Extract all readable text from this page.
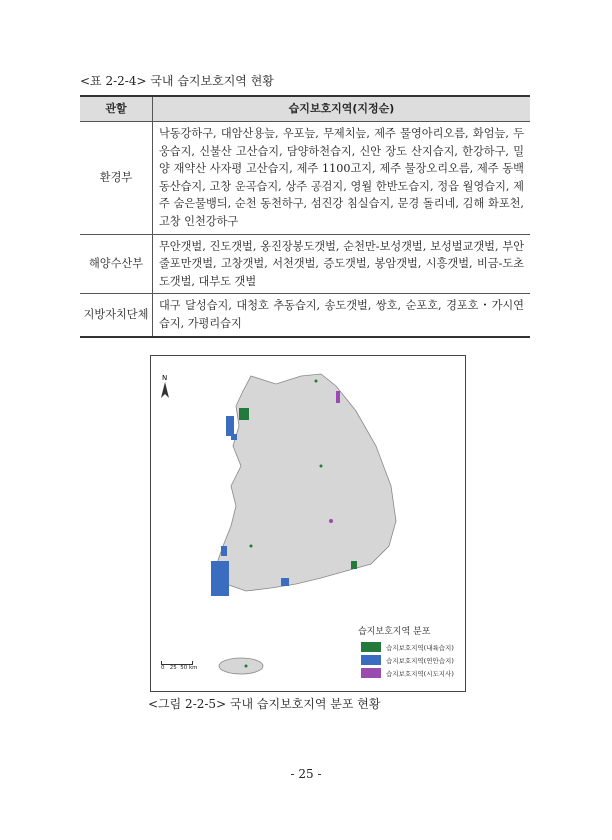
<표 2-2-4> 국내 습지보호지역 현황
관할	습지보호지역(지정순)
환경부	낙동강하구, 대암산용늪, 우포늪, 무제치늪, 제주 물영아리오름, 화엄늪, 두웅습지, 신불산 고산습지, 담양하천습지, 신안 장도 산지습지, 한강하구, 밀양 재약산 사자평 고산습지, 제주 1100고지, 제주 물장오리오름, 제주 동백동산습지, 고창 운곡습지, 상주 공검지, 영월 한반도습지, 정읍 월영습지, 제주 숨은물뱅듸, 순천 동천하구, 섬진강 침실습지, 문경 돌리네, 김해 화포천, 고창 인천강하구
해양수산부	무안갯벌, 진도갯벌, 옹진장봉도갯벌, 순천만-보성갯벌, 보성벌교갯벌, 부안줄포만갯벌, 고창갯벌, 서천갯벌, 증도갯벌, 봉암갯벌, 시흥갯벌, 비금-도초도갯벌, 대부도 갯벌
지방자치단체	대구 달성습지, 대청호 추동습지, 송도갯벌, 쌍호, 순포호, 경포호・가시연습지, 가평리습지
N
0 25 50 km
습지보호지역 분포
습지보호지역(내륙습지)
습지보호지역(연안습지)
습지보호지역(시도지사)
<그림 2-2-5> 국내 습지보호지역 분포 현황
- 25 -
